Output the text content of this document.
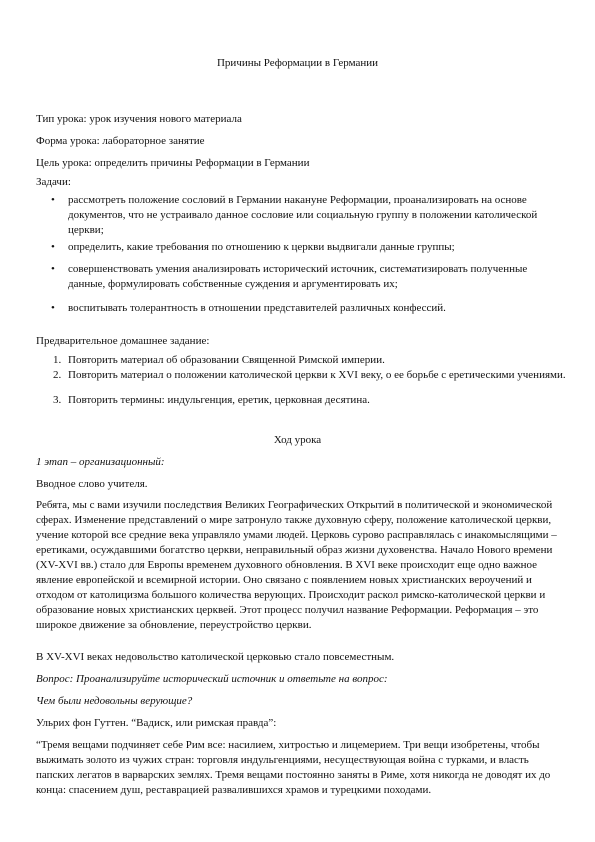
Причины Реформации в Германии
Тип урока: урок изучения нового материала
Форма урока: лабораторное занятие
Цель урока: определить причины Реформации в Германии
Задачи:
• рассмотреть положение сословий в Германии накануне Реформации, проанализировать на основе документов, что не устраивало данное сословие или социальную группу в положении католической церкви;
• определить, какие требования по отношению к церкви выдвигали данные группы;
• совершенствовать умения анализировать исторический источник, систематизировать полученные данные, формулировать собственные суждения и аргументировать их;
• воспитывать толерантность в отношении представителей различных конфессий.
Предварительное домашнее задание:
1. Повторить материал об образовании Священной Римской империи.
2. Повторить материал о положении католической церкви к XVI веку, о ее борьбе с еретическими учениями.
3. Повторить термины: индульгенция, еретик, церковная десятина.
Ход урока
1 этап – организационный:
Вводное слово учителя.
Ребята, мы с вами изучили последствия Великих Географических Открытий в политической и экономической сферах. Изменение представлений о мире затронуло также духовную сферу, положение католической церкви, учение которой все средние века управляло умами людей. Церковь сурово расправлялась с инакомыслящими – еретиками, осуждавшими богатство церкви, неправильный образ жизни духовенства. Начало Нового времени (XV-XVI вв.) стало для Европы временем духовного обновления. В XVI веке происходит еще одно важное явление европейской и всемирной истории. Оно связано с появлением новых христианских вероучений и отходом от католицизма большого количества верующих. Происходит раскол римско-католической церкви и образование новых христианских церквей. Этот процесс получил название Реформации. Реформация – это широкое движение за обновление, переустройство церкви.
В XV-XVI веках недовольство католической церковью стало повсеместным.
Вопрос: Проанализируйте исторический источник и ответьте на вопрос:
Чем были недовольны верующие?
Ульрих фон Гуттен. “Вадиск, или римская правда”:
“Тремя вещами подчиняет себе Рим все: насилием, хитростью и лицемерием. Три вещи изобретены, чтобы выжимать золото из чужих стран: торговля индульгенциями, несуществующая война с турками, и власть папских легатов в варварских землях. Тремя вещами постоянно заняты в Риме, хотя никогда не доводят их до конца: спасением душ, реставрацией развалившихся храмов и турецкими походами.
